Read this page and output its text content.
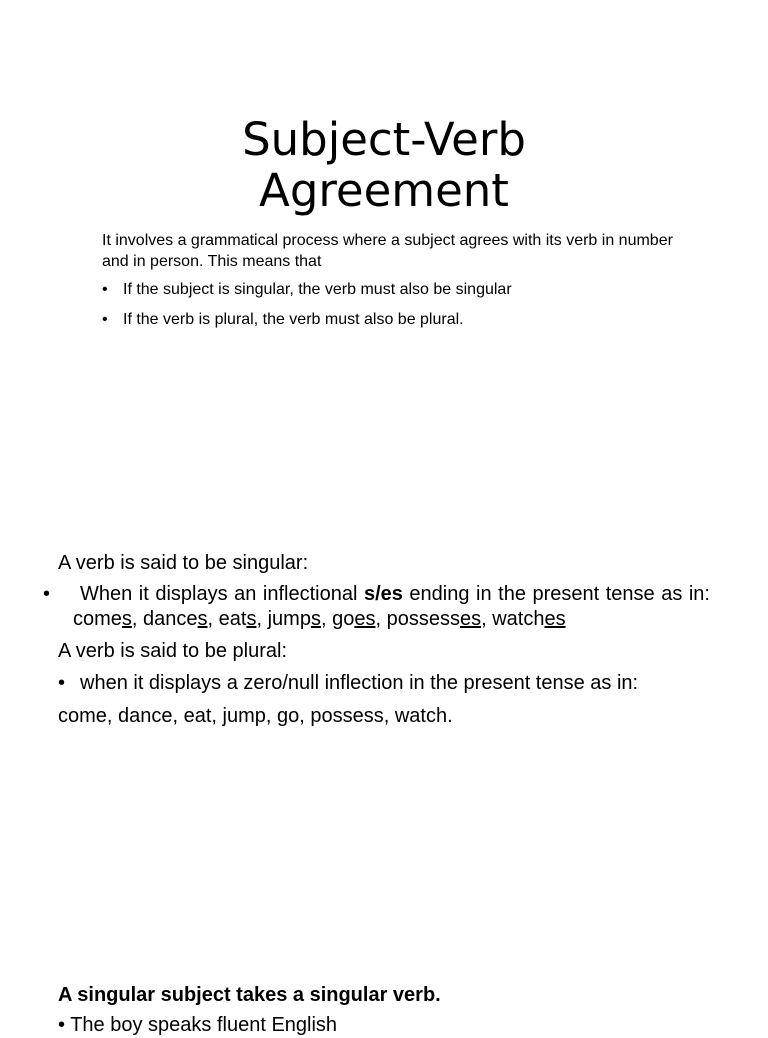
Subject-Verb
Agreement

It involves a grammatical process where a subject agrees with its verb in number and in person. This means that

• If the subject is singular, the verb must also be singular
• If the verb is plural, the verb must also be plural.

A verb is said to be singular:

• When it displays an inflectional s/es ending in the present tense as in: comes, dances, eats, jumps, goes, possesses, watches

A verb is said to be plural:

• when it displays a zero/null inflection in the present tense as in:

come, dance, eat, jump, go, possess, watch.

A singular subject takes a singular verb.

• The boy speaks fluent English
